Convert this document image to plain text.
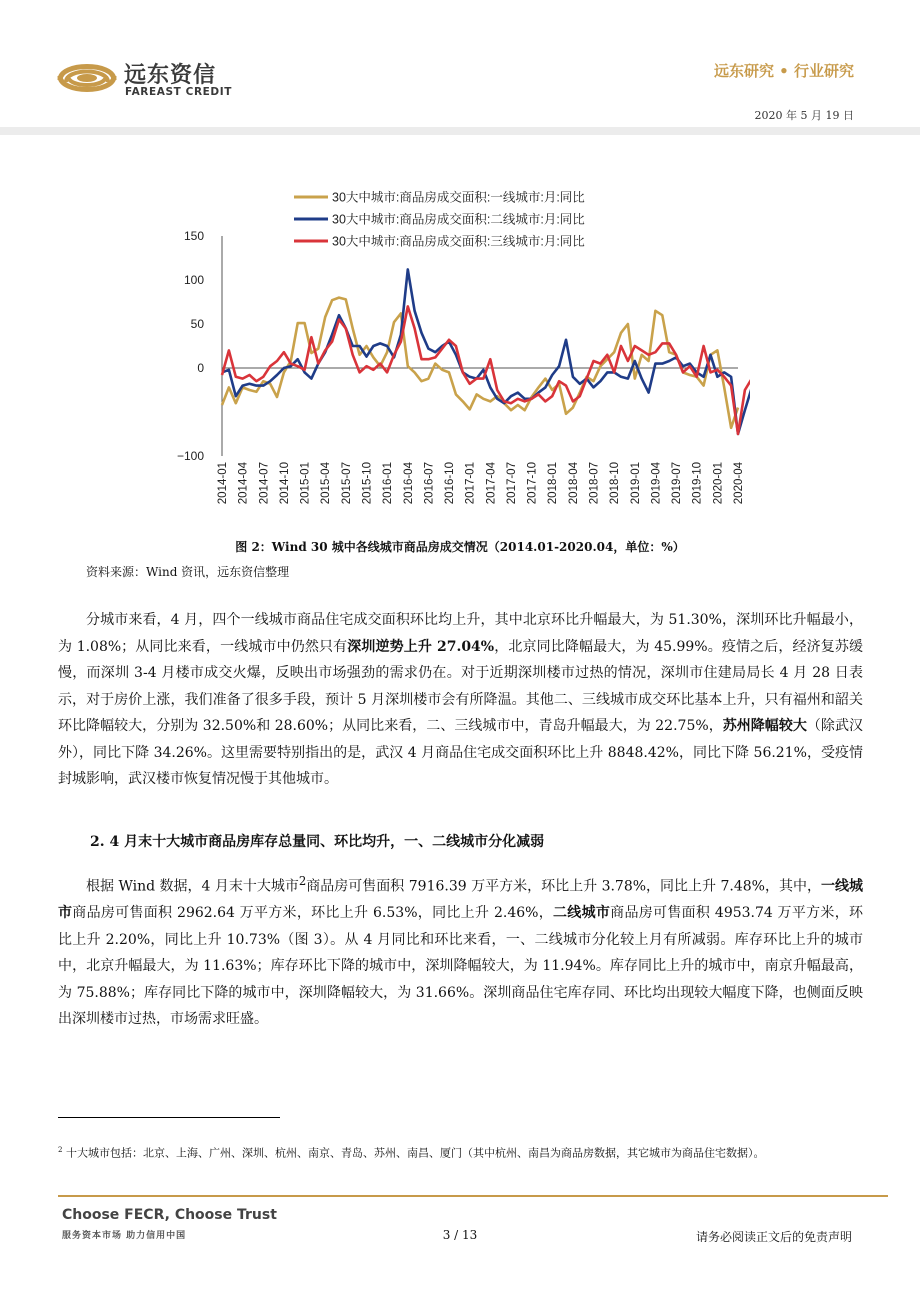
远东资信
FAREAST CREDIT
远东研究 • 行业研究
2020 年 5 月 19 日
30大中城市:商品房成交面积:一线城市:月:同比
30大中城市:商品房成交面积:二线城市:月:同比
30大中城市:商品房成交面积:三线城市:月:同比
150
100
50
0
−100
2014-01 2014-04 2014-07 2014-10 2015-01 2015-04 2015-07 2015-10 2016-01 2016-04 2016-07 2016-10 2017-01 2017-04 2017-07 2017-10 2018-01 2018-04 2018-07 2018-10 2019-01 2019-04 2019-07 2019-10 2020-01 2020-04
图 2：Wind 30 城中各线城市商品房成交情况（2014.01-2020.04，单位：%）
资料来源：Wind 资讯，远东资信整理

分城市来看，4 月，四个一线城市商品住宅成交面积环比均上升，其中北京环比升幅最大，为 51.30%，深圳环比升幅最小，为 1.08%；从同比来看，一线城市中仍然只有深圳逆势上升 27.04%，北京同比降幅最大，为 45.99%。疫情之后，经济复苏缓慢，而深圳 3-4 月楼市成交火爆，反映出市场强劲的需求仍在。对于近期深圳楼市过热的情况，深圳市住建局局长 4 月 28 日表示，对于房价上涨，我们准备了很多手段，预计 5 月深圳楼市会有所降温。其他二、三线城市成交环比基本上升，只有福州和韶关环比降幅较大，分别为 32.50%和 28.60%；从同比来看，二、三线城市中，青岛升幅最大，为 22.75%，苏州降幅较大（除武汉外），同比下降 34.26%。这里需要特别指出的是，武汉 4 月商品住宅成交面积环比上升 8848.42%，同比下降 56.21%，受疫情封城影响，武汉楼市恢复情况慢于其他城市。

2. 4 月末十大城市商品房库存总量同、环比均升，一、二线城市分化减弱

根据 Wind 数据，4 月末十大城市$^2$商品房可售面积 7916.39 万平方米，环比上升 3.78%，同比上升 7.48%，其中，一线城市商品房可售面积 2962.64 万平方米，环比上升 6.53%，同比上升 2.46%，二线城市商品房可售面积 4953.74 万平方米，环比上升 2.20%，同比上升 10.73%（图 3）。从 4 月同比和环比来看，一、二线城市分化较上月有所减弱。库存环比上升的城市中，北京升幅最大，为 11.63%；库存环比下降的城市中，深圳降幅较大，为 11.94%。库存同比上升的城市中，南京升幅最高，为 75.88%；库存同比下降的城市中，深圳降幅较大，为 31.66%。深圳商品住宅库存同、环比均出现较大幅度下降，也侧面反映出深圳楼市过热，市场需求旺盛。

$^2$ 十大城市包括：北京、上海、广州、深圳、杭州、南京、青岛、苏州、南昌、厦门（其中杭州、南昌为商品房数据，其它城市为商品住宅数据）。
Choose FECR, Choose Trust
服务资本市场 助力信用中国	3 / 13	请务必阅读正文后的免责声明
